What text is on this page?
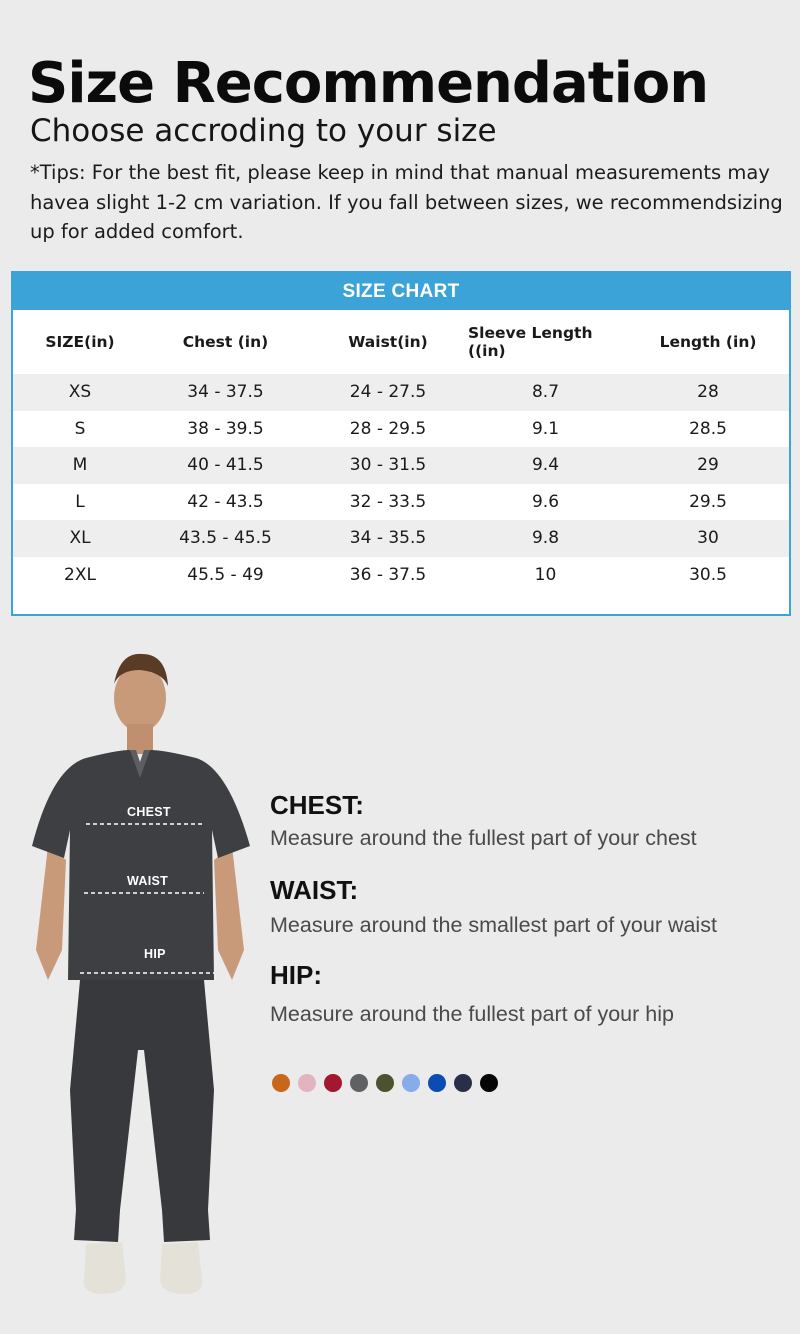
Size Recommendation
Choose accroding to your size
*Tips: For the best fit, please keep in mind that manual measurements may havea slight 1-2 cm variation. If you fall between sizes, we recommendsizing up for added comfort.
SIZE CHART
SIZE(in)	Chest (in)	Waist(in)	Sleeve Length ((in)	Length (in)
XS	34 - 37.5	24 - 27.5	8.7	28
S	38 - 39.5	28 - 29.5	9.1	28.5
M	40 - 41.5	30 - 31.5	9.4	29
L	42 - 43.5	32 - 33.5	9.6	29.5
XL	43.5 - 45.5	34 - 35.5	9.8	30
2XL	45.5 - 49	36 - 37.5	10	30.5
CHEST
WAIST
HIP
CHEST:
Measure around the fullest part of your chest
WAIST:
Measure around the smallest part of your waist
HIP:
Measure around the fullest part of your hip
